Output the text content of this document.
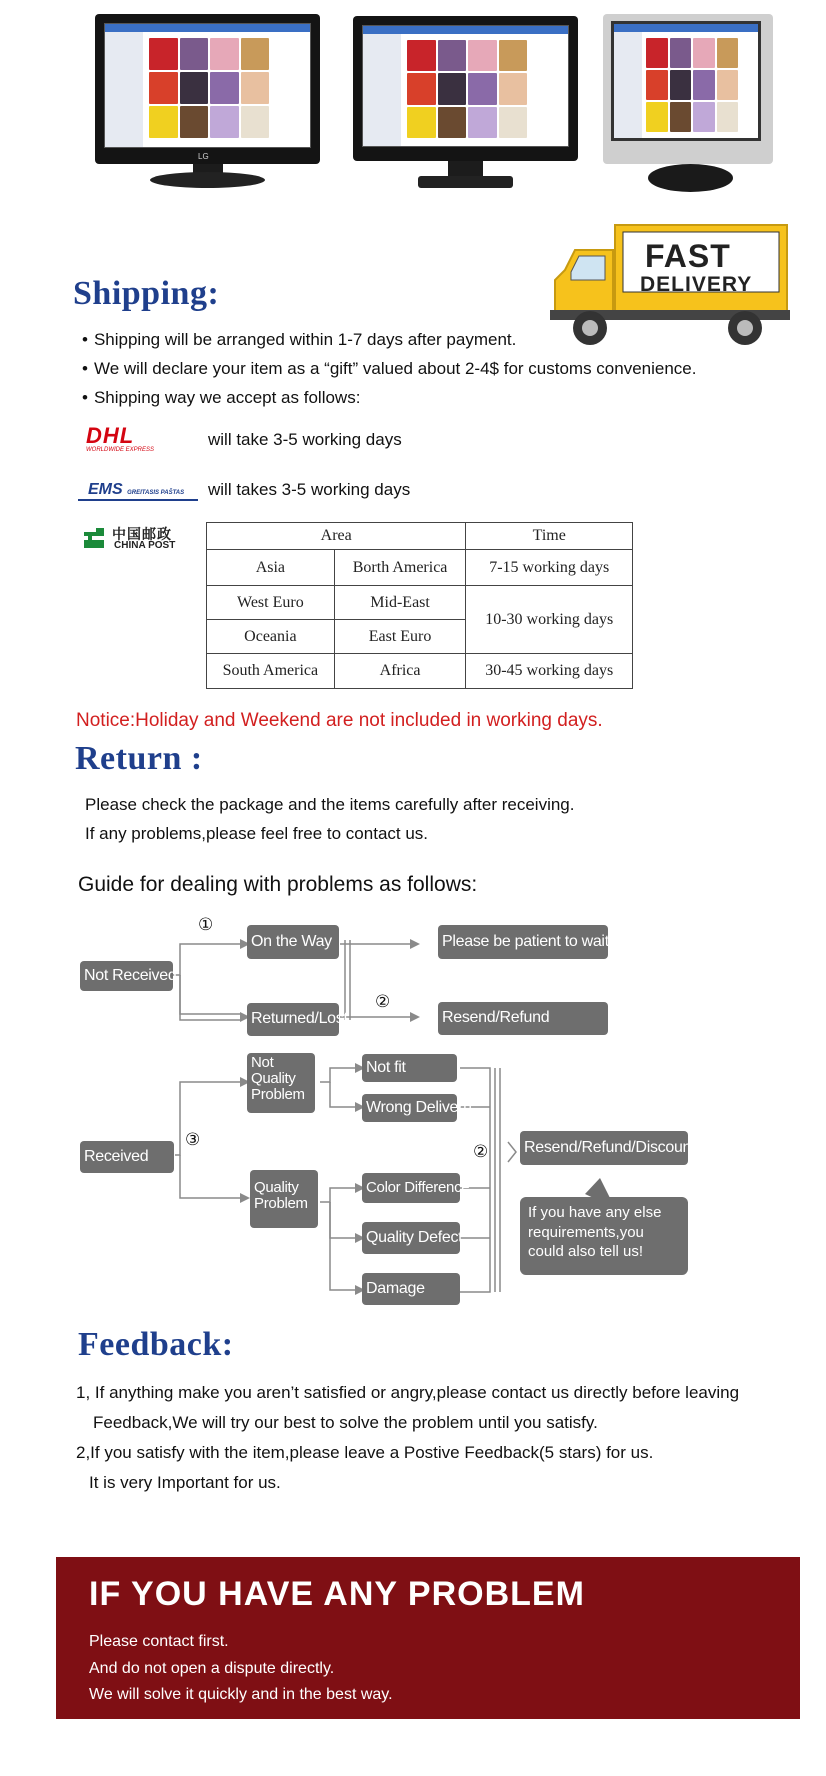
LG
Shipping:
FAST
DELIVERY
• Shipping will be arranged within 1-7 days after payment.
• We will declare your item as a “gift” valued about 2-4$ for customs convenience.
• Shipping way we accept as follows:
DHL
WORLDWIDE EXPRESS
will take 3-5 working days
EMS GREITASIS PAŠTAS	will takes 3-5 working days
中国邮政
CHINA POST
Area		Time
Asia	Borth America	7-15 working days
West Euro	Mid-East	10-30 working days
Oceania	East Euro	
South America	Africa	30-45 working days
Notice:Holiday and Weekend are not included in working days.
Return :
Please check the package and the items carefully after receiving.
If any problems,please feel free to contact us.
Guide for dealing with problems as follows:
①
②
③
②
Not Received
On the Way	Please be patient to wait
Returned/Lost	Resend/Refund
Received
Not Quality Problem
Not fit
Wrong Deliveru
Quality Problem
Color Difference
Quality Defect
Damage
Resend/Refund/Discount
If you have any else requirements,you could also tell us!
Feedback:
1, If anything make you aren’t satisfied or angry,please contact us directly before leaving
Feedback,We will try our best to solve the problem until you satisfy.
2,If you satisfy with the item,please leave a Postive Feedback(5 stars) for us.
It is very Important for us.
IF YOU HAVE ANY PROBLEM
Please contact first.
And do not open a dispute directly.
We will solve it quickly and in the best way.
